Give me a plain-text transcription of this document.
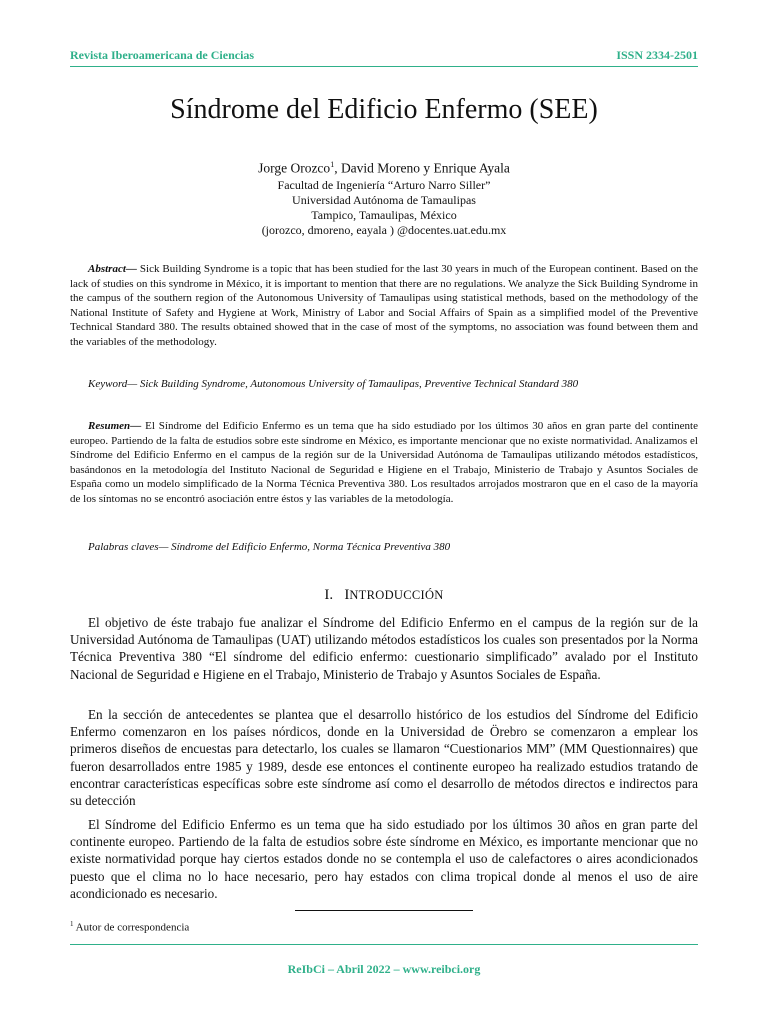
Revista Iberoamericana de Ciencias	ISSN 2334-2501
Síndrome del Edificio Enfermo (SEE)
Jorge Orozco$^1$, David Moreno y Enrique Ayala
Facultad de Ingeniería “Arturo Narro Siller”
Universidad Autónoma de Tamaulipas
Tampico, Tamaulipas, México
(jorozco, dmoreno, eayala ) @docentes.uat.edu.mx

Abstract— Sick Building Syndrome is a topic that has been studied for the last 30 years in much of the European continent. Based on the lack of studies on this syndrome in México, it is important to mention that there are no regulations. We analyze the Sick Building Syndrome in the campus of the southern region of the Autonomous University of Tamaulipas using statistical methods, based on the methodology of the National Institute of Safety and Hygiene at Work, Ministry of Labor and Social Affairs of Spain as a simplified model of the Preventive Technical Standard 380. The results obtained showed that in the case of most of the symptoms, no association was found between them and the variables of the methodology.

Keyword— Sick Building Syndrome, Autonomous University of Tamaulipas, Preventive Technical Standard 380

Resumen— El Síndrome del Edificio Enfermo es un tema que ha sido estudiado por los últimos 30 años en gran parte del continente europeo. Partiendo de la falta de estudios sobre este síndrome en México, es importante mencionar que no existe normatividad. Analizamos el Síndrome del Edificio Enfermo en el campus de la región sur de la Universidad Autónoma de Tamaulipas utilizando métodos estadísticos, basándonos en la metodología del Instituto Nacional de Seguridad e Higiene en el Trabajo, Ministerio de Trabajo y Asuntos Sociales de España como un modelo simplificado de la Norma Técnica Preventiva 380. Los resultados arrojados mostraron que en el caso de la mayoría de los síntomas no se encontró asociación entre éstos y las variables de la metodología.

Palabras claves— Síndrome del Edificio Enfermo, Norma Técnica Preventiva 380

I. INTRODUCCIÓN

El objetivo de éste trabajo fue analizar el Síndrome del Edificio Enfermo en el campus de la región sur de la Universidad Autónoma de Tamaulipas (UAT) utilizando métodos estadísticos los cuales son presentados por la Norma Técnica Preventiva 380 “El síndrome del edificio enfermo: cuestionario simplificado” avalado por el Instituto Nacional de Seguridad e Higiene en el Trabajo, Ministerio de Trabajo y Asuntos Sociales de España.

En la sección de antecedentes se plantea que el desarrollo histórico de los estudios del Síndrome del Edificio Enfermo comenzaron en los países nórdicos, donde en la Universidad de Örebro se comenzaron a emplear los primeros diseños de encuestas para detectarlo, los cuales se llamaron “Cuestionarios MM” (MM Questionnaires) que fueron desarrollados entre 1985 y 1989, desde ese entonces el continente europeo ha realizado estudios tratando de encontrar características específicas sobre este síndrome así como el desarrollo de métodos directos e indirectos para su detección

El Síndrome del Edificio Enfermo es un tema que ha sido estudiado por los últimos 30 años en gran parte del continente europeo. Partiendo de la falta de estudios sobre éste síndrome en México, es importante mencionar que no existe normatividad porque hay ciertos estados donde no se contempla el uso de calefactores o aires acondicionados puesto que el clima no lo hace necesario, pero hay estados con clima tropical donde al menos el uso de aire acondicionado es necesario.

$^1$ Autor de correspondencia
ReIbCi – Abril 2022 – www.reibci.org
